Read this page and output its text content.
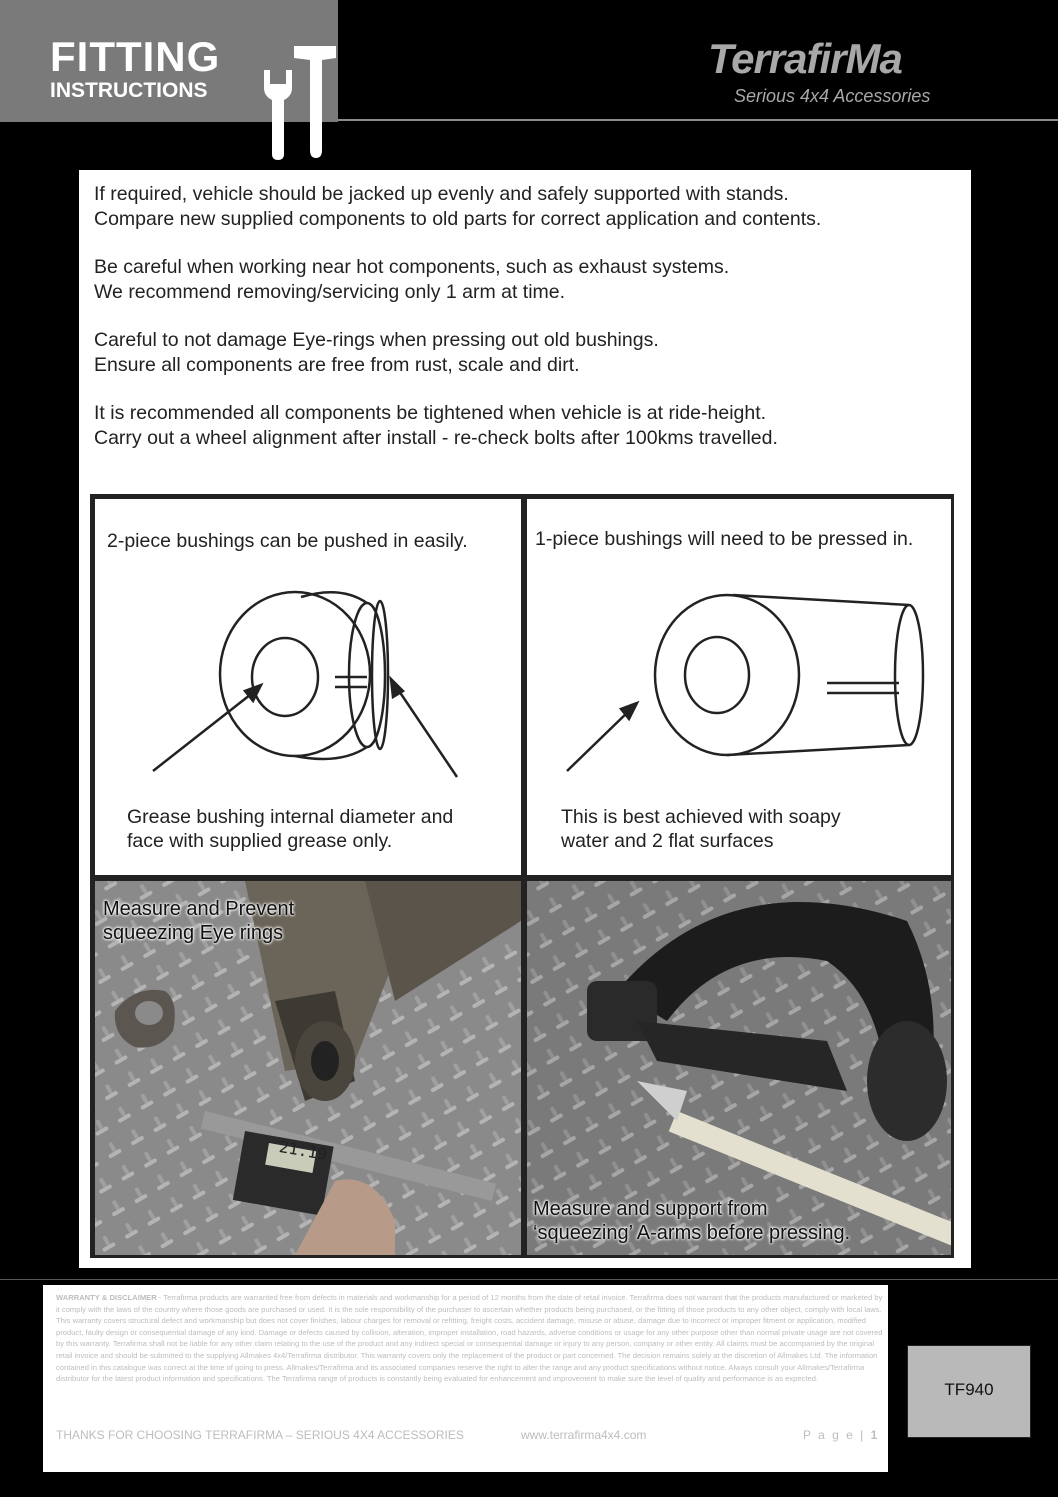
FITTING
INSTRUCTIONS
TerrafirMa
Serious 4x4 Accessories

If required, vehicle should be jacked up evenly and safely supported with stands.
Compare new supplied components to old parts for correct application and contents.

Be careful when working near hot components, such as exhaust systems.
We recommend removing/servicing only 1 arm at time.

Careful to not damage Eye-rings when pressing out old bushings.
Ensure all components are free from rust, scale and dirt.

It is recommended all components be tightened when vehicle is at ride-height.
Carry out a wheel alignment after install - re-check bolts after 100kms travelled.

2-piece bushings can be pushed in easily.
Grease bushing internal diameter and
face with supplied grease only.
1-piece bushings will need to be pressed in.
This is best achieved with soapy
water and 2 flat surfaces
Measure and Prevent
squeezing Eye rings
21.19
Measure and support from
‘squeezing’ A-arms before pressing.
WARRANTY & DISCLAIMER - Terrafirma products are warranted free from defects in materials and workmanship for a period of 12 months from the date of retail invoice. Terrafirma does not warrant that the products manufactured or marketed by it comply with the laws of the country where those goods are purchased or used. It is the sole responsibility of the purchaser to ascertain whether products being purchased, or the fitting of those products to any other object, comply with local laws. This warranty covers structural defect and workmanship but does not cover finishes, labour charges for removal or refitting, freight costs, accident damage, misuse or abuse, damage due to incorrect or improper fitment or application, modified product, faulty design or consequential damage of any kind. Damage or defects caused by collision, alteration, improper installation, road hazards, adverse conditions or usage for any other purpose other than normal private usage are not covered by this warranty. Terrafirma shall not be liable for any other claim relating to the use of the product and any indirect special or consequential damage or injury to any person, company or other entity. All claims must be accompanied by the original retail invoice and should be submitted to the supplying Allmakes 4x4/Terrafirma distributor. This warranty covers only the replacement of the product or part concerned. The decision remains solely at the discretion of Allmakes Ltd. The information contained in this catalogue was correct at the time of going to press. Allmakes/Terrafirma and its associated companies reserve the right to alter the range and any product specifications without notice. Always consult your Allmakes/Terrafirma distributor for the latest product information and specifications. The Terrafirma range of products is constantly being evaluated for enhancement and improvement to make sure the level of quality and performance is as expected.
THANKS FOR CHOOSING TERRAFIRMA – SERIOUS 4X4 ACCESSORIES	www.terrafirma4x4.com	P a g e | 1
TF940
